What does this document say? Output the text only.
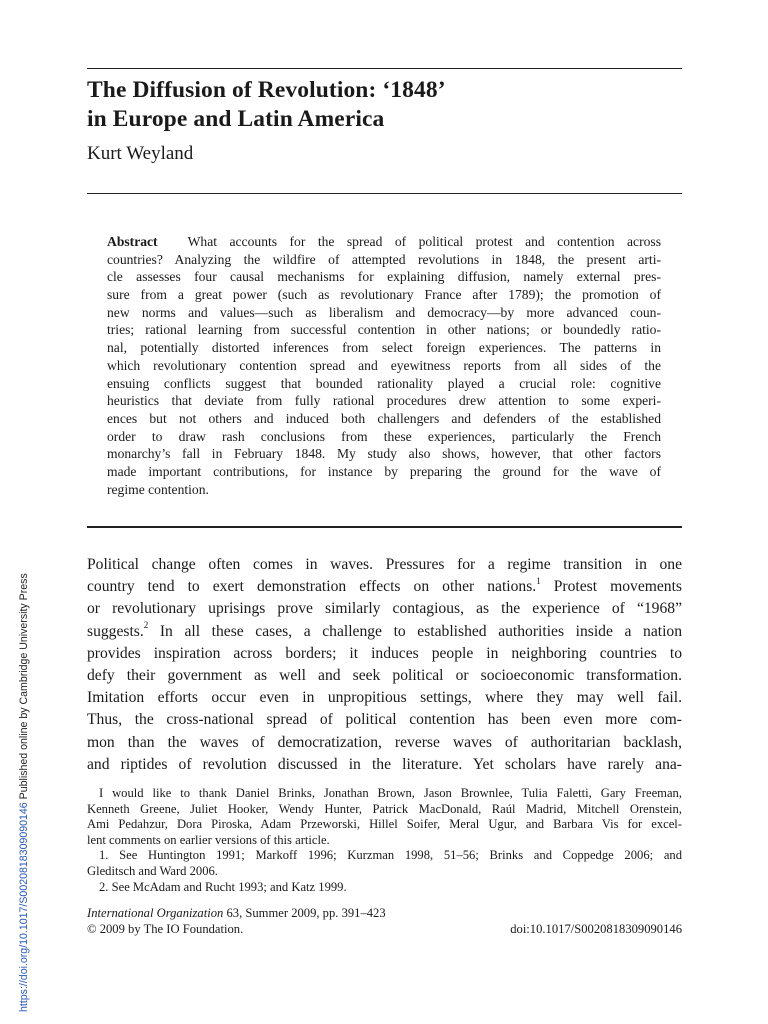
The Diffusion of Revolution: ‘1848’
in Europe and Latin America
Kurt Weyland
Abstract What accounts for the spread of political protest and contention across
countries? Analyzing the wildfire of attempted revolutions in 1848, the present arti-
cle assesses four causal mechanisms for explaining diffusion, namely external pres-
sure from a great power (such as revolutionary France after 1789); the promotion of
new norms and values—such as liberalism and democracy—by more advanced coun-
tries; rational learning from successful contention in other nations; or boundedly ratio-
nal, potentially distorted inferences from select foreign experiences. The patterns in
which revolutionary contention spread and eyewitness reports from all sides of the
ensuing conflicts suggest that bounded rationality played a crucial role: cognitive
heuristics that deviate from fully rational procedures drew attention to some experi-
ences but not others and induced both challengers and defenders of the established
order to draw rash conclusions from these experiences, particularly the French
monarchy’s fall in February 1848. My study also shows, however, that other factors
made important contributions, for instance by preparing the ground for the wave of
regime contention.
Political change often comes in waves. Pressures for a regime transition in one
country tend to exert demonstration effects on other nations.$^1$ Protest movements
or revolutionary uprisings prove similarly contagious, as the experience of “1968”
suggests.$^2$ In all these cases, a challenge to established authorities inside a nation
provides inspiration across borders; it induces people in neighboring countries to
defy their government as well and seek political or socioeconomic transformation.
Imitation efforts occur even in unpropitious settings, where they may well fail.
Thus, the cross-national spread of political contention has been even more com-
mon than the waves of democratization, reverse waves of authoritarian backlash,
and riptides of revolution discussed in the literature. Yet scholars have rarely ana-
I would like to thank Daniel Brinks, Jonathan Brown, Jason Brownlee, Tulia Faletti, Gary Freeman,
Kenneth Greene, Juliet Hooker, Wendy Hunter, Patrick MacDonald, Raúl Madrid, Mitchell Orenstein,
Ami Pedahzur, Dora Piroska, Adam Przeworski, Hillel Soifer, Meral Ugur, and Barbara Vis for excel-
lent comments on earlier versions of this article.
1. See Huntington 1991; Markoff 1996; Kurzman 1998, 51–56; Brinks and Coppedge 2006; and
Gleditsch and Ward 2006.
2. See McAdam and Rucht 1993; and Katz 1999.
International Organization 63, Summer 2009, pp. 391–423
© 2009 by The IO Foundation.	doi:10.1017/S0020818309090146
https://doi.org/10.1017/S0020818309090146 Published online by Cambridge University Press
